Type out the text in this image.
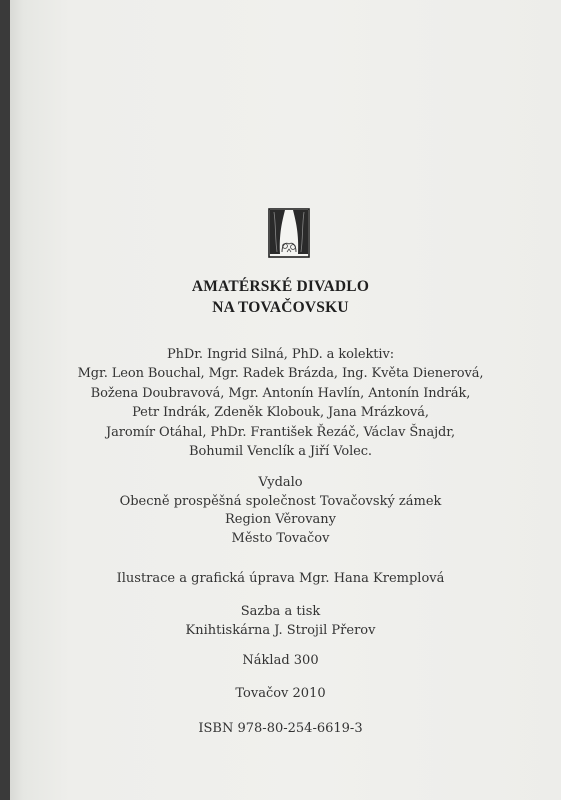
AMATÉRSKÉ DIVADLO
NA TOVAČOVSKU
PhDr. Ingrid Silná, PhD. a kolektiv:
Mgr. Leon Bouchal, Mgr. Radek Brázda, Ing. Květa Dienerová,
Božena Doubravová, Mgr. Antonín Havlín, Antonín Indrák,
Petr Indrák, Zdeněk Klobouk, Jana Mrázková,
Jaromír Otáhal, PhDr. František Řezáč, Václav Šnajdr,
Bohumil Venclík a Jiří Volec.
Vydalo
Obecně prospěšná společnost Tovačovský zámek
Region Věrovany
Město Tovačov
Ilustrace a grafická úprava Mgr. Hana Kremplová
Sazba a tisk
Knihtiskárna J. Strojil Přerov
Náklad 300
Tovačov 2010
ISBN 978-80-254-6619-3
